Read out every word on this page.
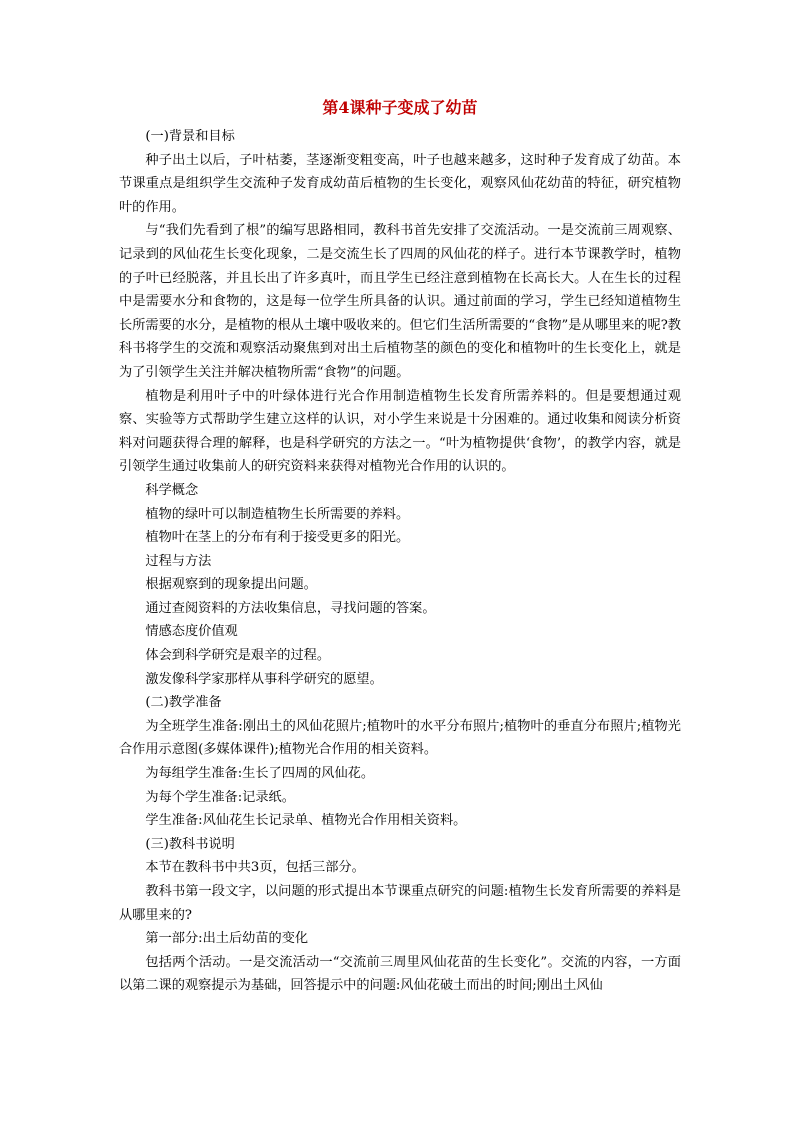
第4课种子变成了幼苗

(一)背景和目标

种子出土以后，子叶枯萎，茎逐渐变粗变高，叶子也越来越多，这时种子发育成了幼苗。本节课重点是组织学生交流种子发育成幼苗后植物的生长变化，观察风仙花幼苗的特征，研究植物叶的作用。

与“我们先看到了根”的编写思路相同，教科书首先安排了交流活动。一是交流前三周观察、记录到的风仙花生长变化现象，二是交流生长了四周的风仙花的样子。进行本节课教学时，植物的子叶已经脱落，并且长出了许多真叶，而且学生已经注意到植物在长高长大。人在生长的过程中是需要水分和食物的，这是每一位学生所具备的认识。通过前面的学习，学生已经知道植物生长所需要的水分，是植物的根从土壤中吸收来的。但它们生活所需要的“食物”是从哪里来的呢?教科书将学生的交流和观察活动聚焦到对出土后植物茎的颜色的变化和植物叶的生长变化上，就是为了引领学生关注并解决植物所需“食物”的问题。

植物是利用叶子中的叶绿体进行光合作用制造植物生长发育所需养料的。但是要想通过观察、实验等方式帮助学生建立这样的认识，对小学生来说是十分困难的。通过收集和阅读分析资料对问题获得合理的解释，也是科学研究的方法之一。“叶为植物提供‘食物’，的教学内容，就是引领学生通过收集前人的研究资料来获得对植物光合作用的认识的。

科学概念

植物的绿叶可以制造植物生长所需要的养料。

植物叶在茎上的分布有利于接受更多的阳光。

过程与方法

根据观察到的现象提出问题。

通过查阅资料的方法收集信息，寻找问题的答案。

情感态度价值观

体会到科学研究是艰辛的过程。

激发像科学家那样从事科学研究的愿望。

(二)教学准备

为全班学生准备:刚出土的风仙花照片;植物叶的水平分布照片;植物叶的垂直分布照片;植物光合作用示意图(多媒体课件);植物光合作用的相关资料。

为每组学生准备:生长了四周的风仙花。

为每个学生准备:记录纸。

学生准备:风仙花生长记录单、植物光合作用相关资料。

(三)教科书说明

本节在教科书中共3页，包括三部分。

教科书第一段文字，以问题的形式提出本节课重点研究的问题:植物生长发育所需要的养料是从哪里来的?

第一部分:出土后幼苗的变化

包括两个活动。一是交流活动一“交流前三周里风仙花苗的生长变化”。交流的内容，一方面以第二课的观察提示为基础，回答提示中的问题:风仙花破土而出的时间;刚出土风仙
